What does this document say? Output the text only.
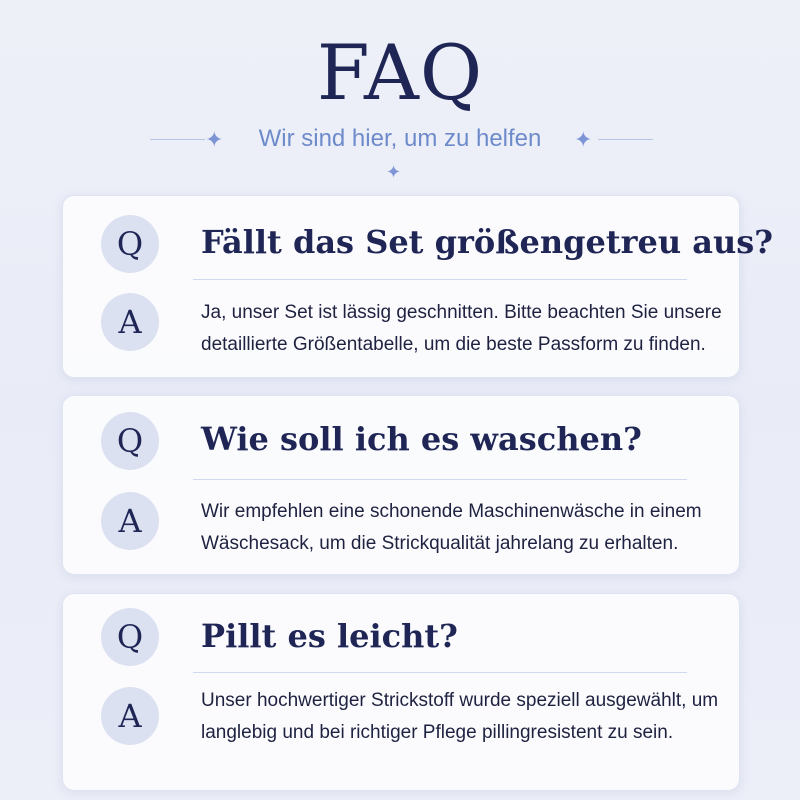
FAQ
✦	Wir sind hier, um zu helfen	✦
✦
Q	Fällt das Set größengetreu aus?
A	Ja, unser Set ist lässig geschnitten. Bitte beachten Sie unsere detaillierte Größentabelle, um die beste Passform zu finden.
Q	Wie soll ich es waschen?
A	Wir empfehlen eine schonende Maschinenwäsche in einem Wäschesack, um die Strickqualität jahrelang zu erhalten.
Q	Pillt es leicht?
A	Unser hochwertiger Strickstoff wurde speziell ausgewählt, um langlebig und bei richtiger Pflege pillingresistent zu sein.
